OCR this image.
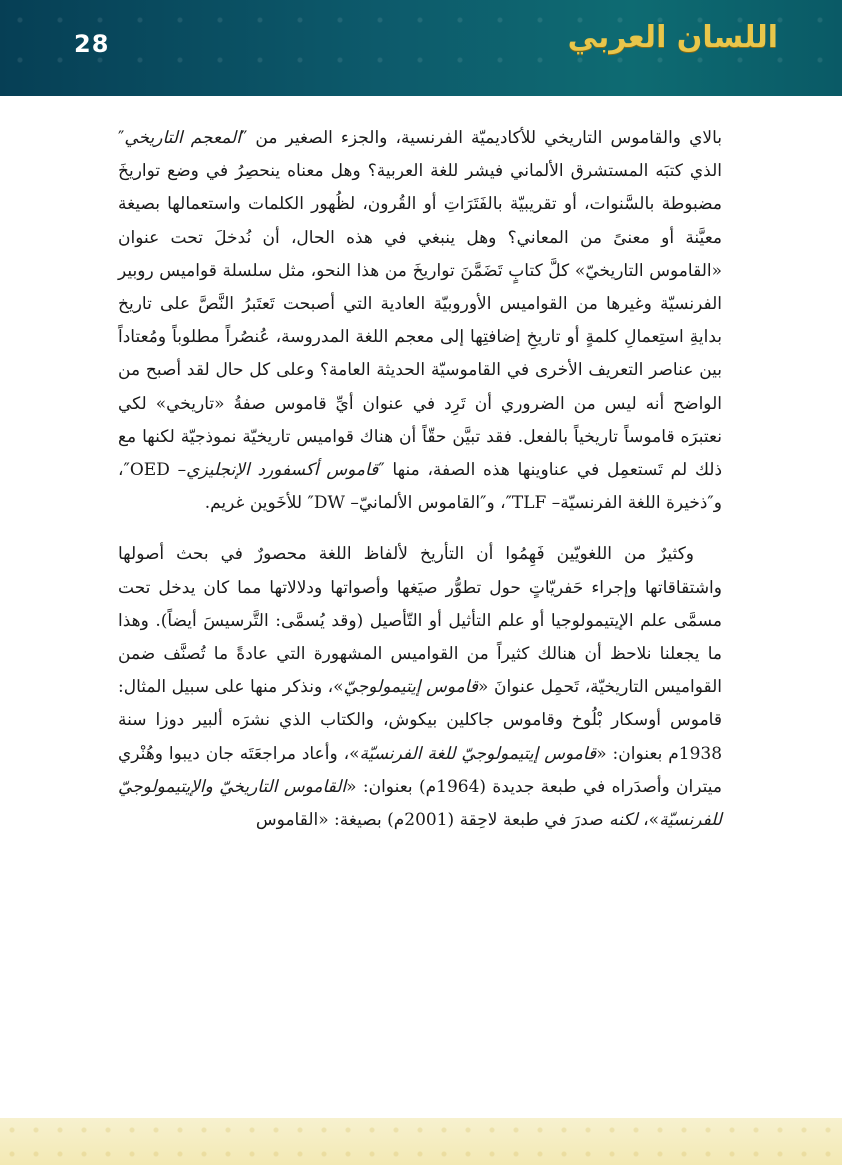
28	اللسان العربي

بالاي والقاموس التاريخي للأكاديميّة الفرنسية، والجزء الصغير من ″المعجم التاريخي″ الذي كتبَه المستشرق الألماني فيشر للغة العربية؟ وهل معناه ينحصِرُ في وضع تواريخَ مضبوطة بالسَّنوات، أو تقريبيّة بالفَتَرَاتِ أو القُرون، لظُهور الكلمات واستعمالها بصيغة معيَّنة أو معنىً من المعاني؟ وهل ينبغي في هذه الحال، أن نُدخلَ تحت عنوان «القاموس التاريخيّ» كلَّ كتابٍ تَضَمَّنَ تواريخَ من هذا النحو، مثل سلسلة قواميس روبير الفرنسيّة وغيرها من القواميس الأوروبيّة العادية التي أصبحت تَعتَبرُ النَّصَّ على تاريخ بدايةِ استِعمالِ كلمةٍ أو تاريخِ إضافتِها إلى معجم اللغة المدروسة، عُنصُراً مطلوباً ومُعتاداً بين عناصر التعريف الأخرى في القاموسيّة الحديثة العامة؟ وعلى كل حال لقد أصبح من الواضح أنه ليس من الضروري أن تَرِد في عنوان أيِّ قاموس صفةُ «تاريخي» لكي نعتبرَه قاموساً تاريخياً بالفعل. فقد تبيَّن حقّاً أن هناك قواميس تاريخيّة نموذجيّة لكنها مع ذلك لم تَستعمِل في عناوينها هذه الصفة، منها ″قاموس أكسفورد الإنجليزي– OED″، و″ذخيرة اللغة الفرنسيّة– TLF″، و″القاموس الألمانيّ– DW″ للأخَوين غريم.

وكثيرٌ من اللغويّين فَهِمُوا أن التأريخ لألفاظ اللغة محصورٌ في بحث أصولها واشتقاقاتها وإجراء حَفريّاتٍ حول تطوُّر صيَغها وأصواتها ودلالاتها مما كان يدخل تحت مسمَّى علم الإيتيمولوجيا أو علم التأثيل أو التّأصيل (وقد يُسمَّى: التَّرسيسَ أيضاً). وهذا ما يجعلنا نلاحظ أن هنالك كثيراً من القواميس المشهورة التي عادةً ما تُصنَّف ضمن القواميس التاريخيّة، تَحمِل عنوانَ «قاموس إيتيمولوجيّ»، ونذكر منها على سبيل المثال: قاموس أوسكار بْلُوخ وقاموس جاكلين بيكوش، والكتاب الذي نشرَه ألبير دوزا سنة 1938م بعنوان: «قاموس إيتيمولوجيّ للغة الفرنسيّة»، وأعاد مراجعَتَه جان ديبوا وهُنْري ميتران وأصدَراه في طبعة جديدة (1964م) بعنوان: «القاموس التاريخيّ والإيتيمولوجيّ للفرنسيّة»، لكنه صدرَ في طبعة لاحِقة (2001م) بصيغة: «القاموس
